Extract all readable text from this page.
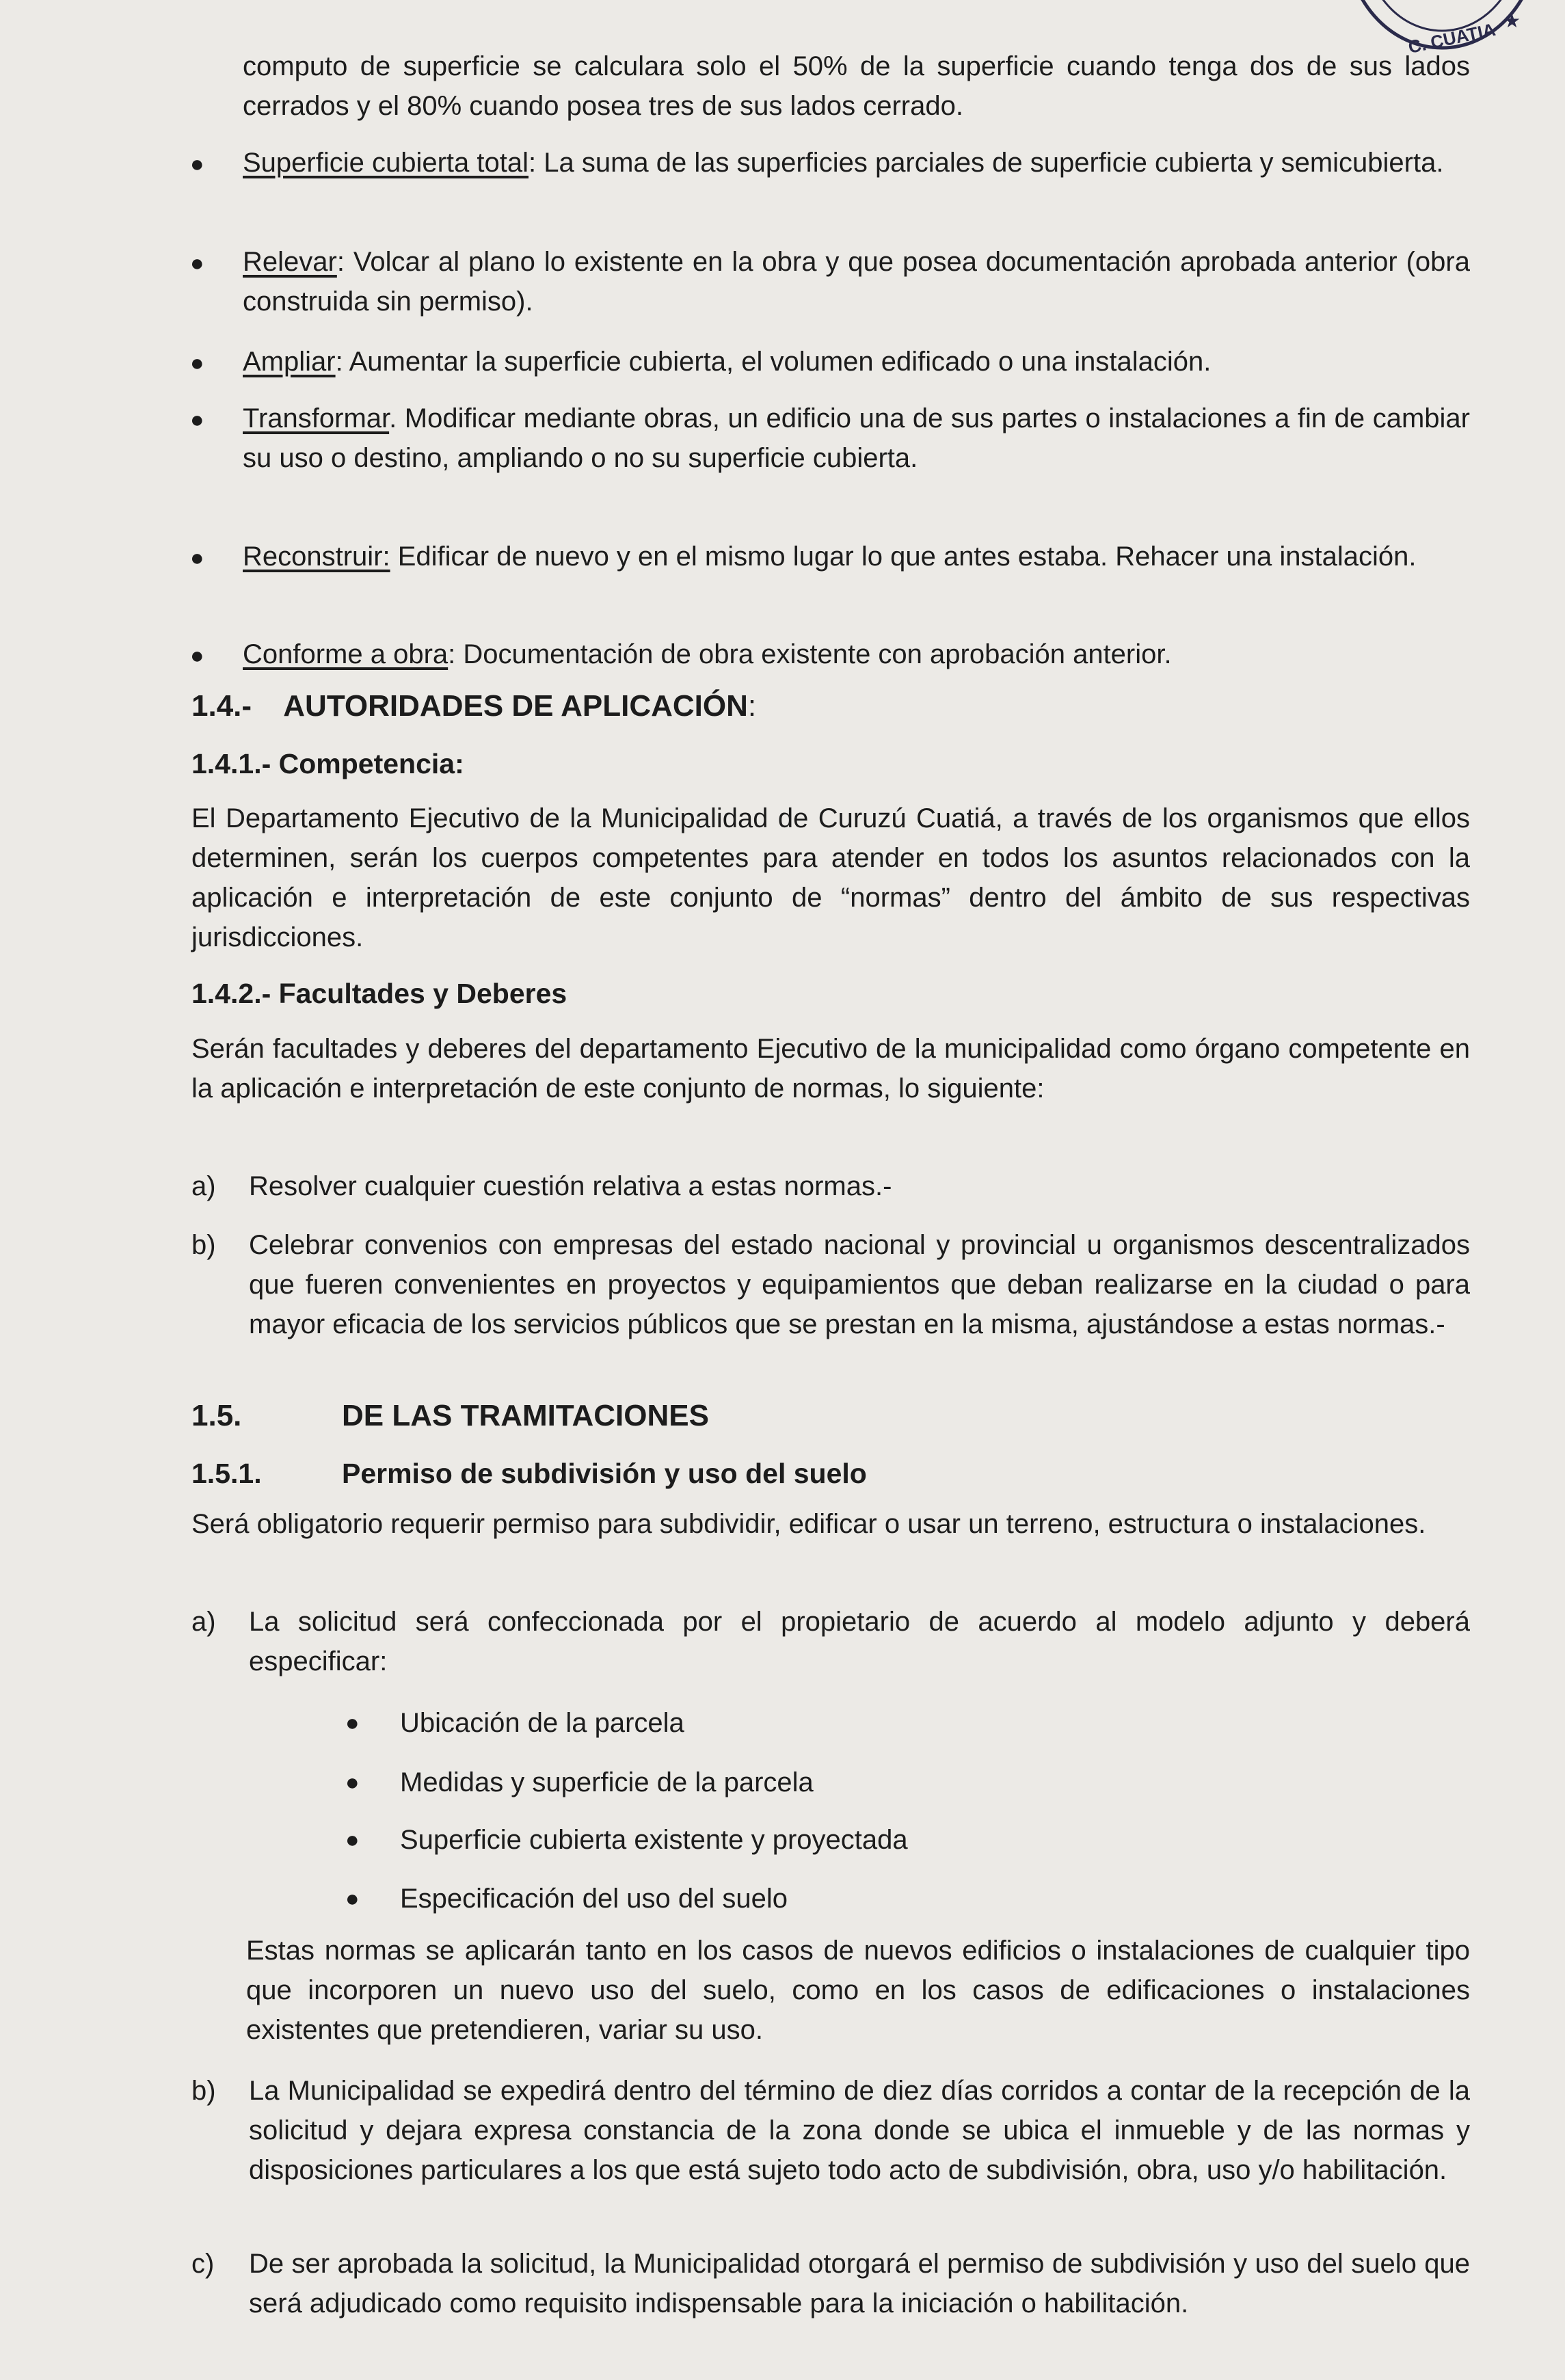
C. CUATIA ★

computo de superficie se calculara solo el 50% de la superficie cuando tenga dos de sus lados cerrados y el 80% cuando posea tres de sus lados cerrado.

● Superficie cubierta total: La suma de las superficies parciales de superficie cubierta y semicubierta.

● Relevar: Volcar al plano lo existente en la obra y que posea documentación aprobada anterior (obra construida sin permiso).

● Ampliar: Aumentar la superficie cubierta, el volumen edificado o una instalación.

● Transformar. Modificar mediante obras, un edificio una de sus partes o instalaciones a fin de cambiar su uso o destino, ampliando o no su superficie cubierta.

● Reconstruir: Edificar de nuevo y en el mismo lugar lo que antes estaba. Rehacer una instalación.

● Conforme a obra: Documentación de obra existente con aprobación anterior.

1.4.- AUTORIDADES DE APLICACIÓN:
1.4.1.- Competencia:

El Departamento Ejecutivo de la Municipalidad de Curuzú Cuatiá, a través de los organismos que ellos determinen, serán los cuerpos competentes para atender en todos los asuntos relacionados con la aplicación e interpretación de este conjunto de “normas” dentro del ámbito de sus respectivas jurisdicciones.

1.4.2.- Facultades y Deberes

Serán facultades y deberes del departamento Ejecutivo de la municipalidad como órgano competente en la aplicación e interpretación de este conjunto de normas, lo siguiente:

a) Resolver cualquier cuestión relativa a estas normas.-

b) Celebrar convenios con empresas del estado nacional y provincial u organismos descentralizados que fueren convenientes en proyectos y equipamientos que deban realizarse en la ciudad o para mayor eficacia de los servicios públicos que se prestan en la misma, ajustándose a estas normas.-

1.5.	DE LAS TRAMITACIONES
1.5.1.	Permiso de subdivisión y uso del suelo

Será obligatorio requerir permiso para subdividir, edificar o usar un terreno, estructura o instalaciones.

a) La solicitud será confeccionada por el propietario de acuerdo al modelo adjunto y deberá especificar:

● Ubicación de la parcela

● Medidas y superficie de la parcela

● Superficie cubierta existente y proyectada

● Especificación del uso del suelo

Estas normas se aplicarán tanto en los casos de nuevos edificios o instalaciones de cualquier tipo que incorporen un nuevo uso del suelo, como en los casos de edificaciones o instalaciones existentes que pretendieren, variar su uso.

b) La Municipalidad se expedirá dentro del término de diez días corridos a contar de la recepción de la solicitud y dejara expresa constancia de la zona donde se ubica el inmueble y de las normas y disposiciones particulares a los que está sujeto todo acto de subdivisión, obra, uso y/o habilitación.

c) De ser aprobada la solicitud, la Municipalidad otorgará el permiso de subdivisión y uso del suelo que será adjudicado como requisito indispensable para la iniciación o habilitación.
